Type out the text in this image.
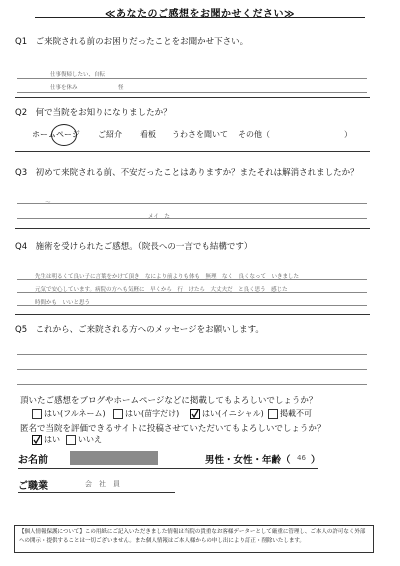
≪あなたのご感想をお聞かせください≫
Q1　ご来院される前のお困りだったことをお聞かせ下さい。
仕事復帰したい、自転
仕事を休み	怪
Q2　何で当院をお知りになりましたか？
ホームページ ご紹介 看板 うわさを聞いて その他（	）
Q3　初めて来院される前、不安だったことはありますか？またそれは解消されましたか？
〜
メイ　た
Q4　施術を受けられたご感想。（院長への一言でも結構です）
先生は明るくて良い子に言葉をかけて頂き　なにより前よりも体も　無理　なく　良くなって　いきました
元気で安心しています。病院の方へも気軽に　早くから　行　けたら　大丈夫だ　と良く思う　感じた
時間かも　いいと思う
Q5　これから、ご来院される方へのメッセージをお願いします。
頂いたご感想をブログやホームページなどに掲載してもよろしいでしょうか？
はい(フルネーム)	はい(苗字だけ)	はい(イニシャル)	掲載不可
匿名で当院を評価できるサイトに投稿させていただいてもよろしいでしょうか？
はい	いいえ
お名前	男性・女性・年齢（ 46 ）
ご職業	会　社　員
【個人情報保護について】この用紙にご記入いただきました情報は当院の貴重なお客様データーとして厳重に管理し、ご本人の許可なく外部への開示・提供することは一切ございません。また個人情報はご本人様からの申し出により訂正・削除いたします。
